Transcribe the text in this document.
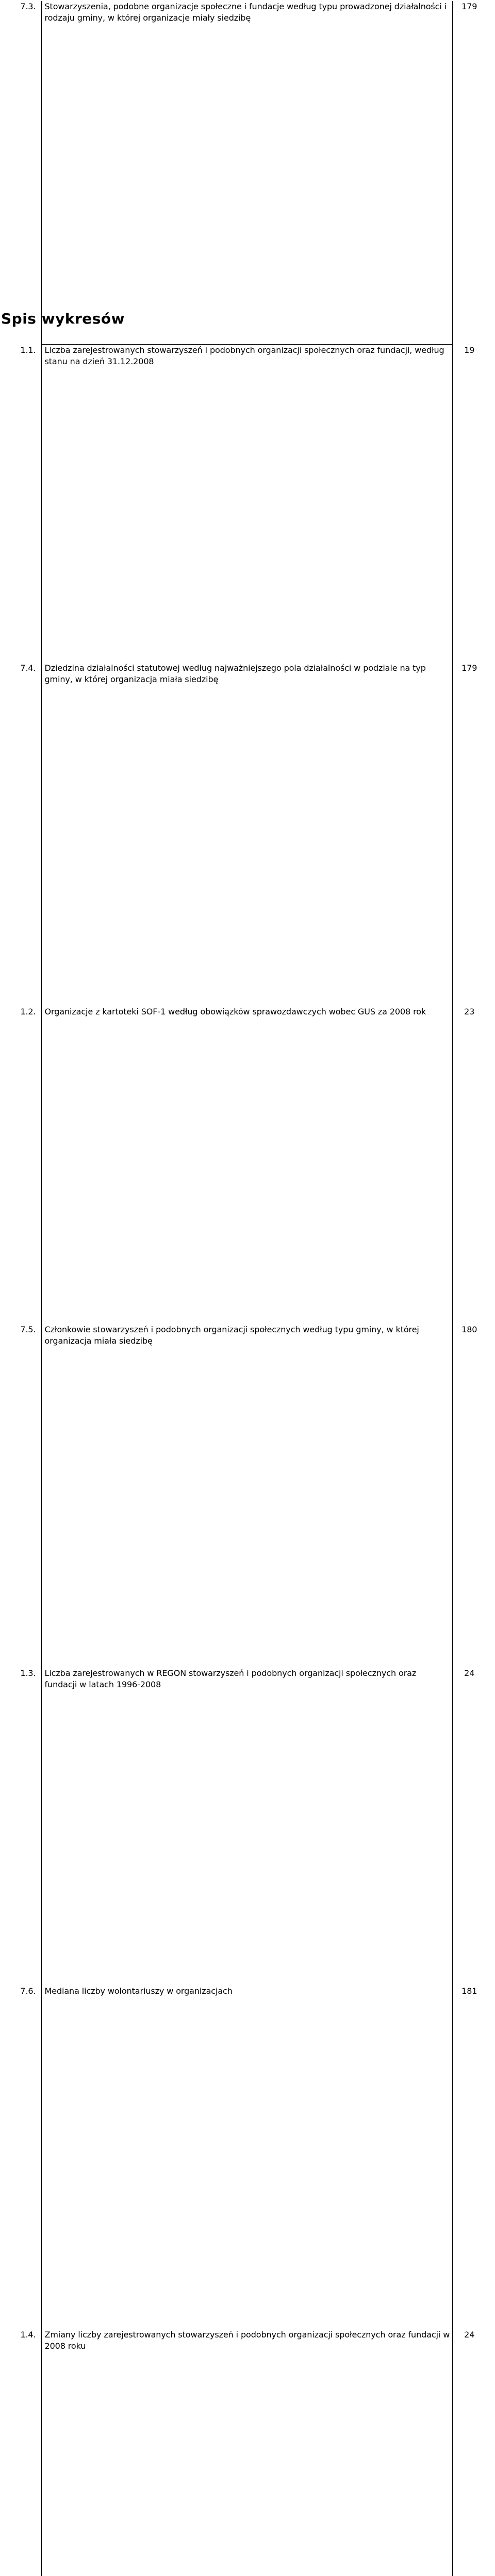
7.3.	Stowarzyszenia, podobne organizacje społeczne i fundacje według typu prowadzonej działalności i rodzaju gminy, w której organizacje miały siedzibę	179
7.4.	Dziedzina działalności statutowej według najważniejszego pola działalności w podziale na typ gminy, w której organizacja miała siedzibę	179
7.5.	Członkowie stowarzyszeń i podobnych organizacji społecznych według typu gminy, w której organizacja miała siedzibę	180
7.6.	Mediana liczby wolontariuszy w organizacjach	181

Spis wykresów
1.1.	Liczba zarejestrowanych stowarzyszeń i podobnych organizacji społecznych oraz fundacji, według stanu na dzień 31.12.2008	19
1.2.	Organizacje z kartoteki SOF-1 według obowiązków sprawozdawczych wobec GUS za 2008 rok	23
1.3.	Liczba zarejestrowanych w REGON stowarzyszeń i podobnych organizacji społecznych oraz fundacji w latach 1996-2008	24
1.4.	Zmiany liczby zarejestrowanych stowarzyszeń i podobnych organizacji społecznych oraz fundacji w 2008 roku	24
